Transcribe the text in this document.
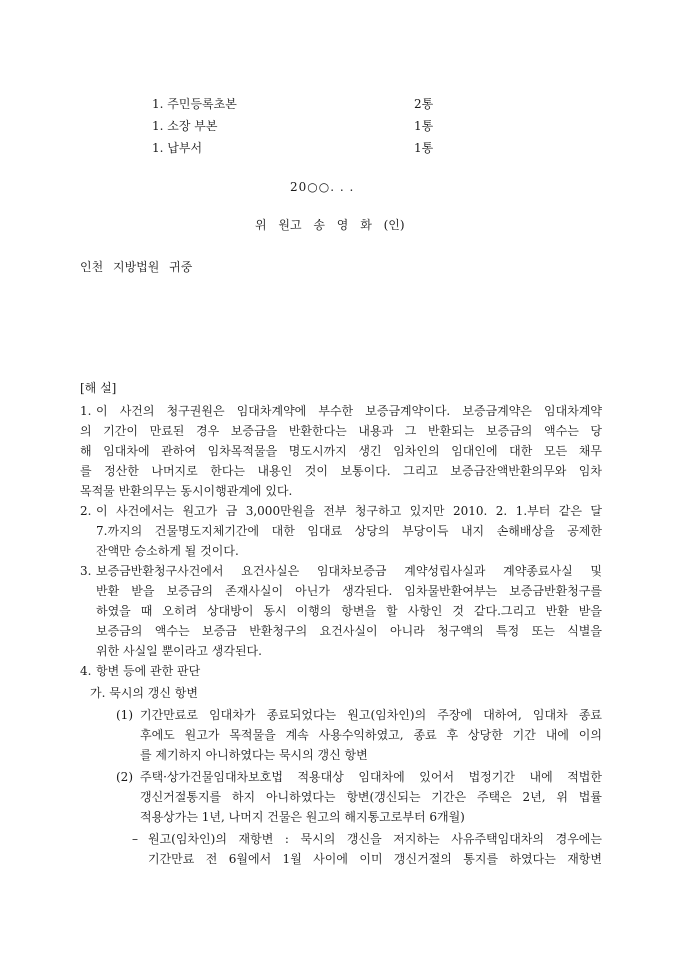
1. 주민등록초본	2통
1. 소장 부본	1통
1. 납부서	1통
20○○. . .
위 원고 송 영 화 (인)
인천 지방법원 귀중
[해 설]
1. 이 사건의 청구권원은 임대차계약에 부수한 보증금계약이다. 보증금계약은 임대차계약
의 기간이 만료된 경우 보증금을 반환한다는 내용과 그 반환되는 보증금의 액수는 당
해 임대차에 관하여 임차목적물을 명도시까지 생긴 임차인의 임대인에 대한 모든 채무
를 정산한 나머지로 한다는 내용인 것이 보통이다. 그리고 보증금잔액반환의무와 임차
목적물 반환의무는 동시이행관계에 있다.
2. 이 사건에서는 원고가 금 3,000만원을 전부 청구하고 있지만 2010. 2. 1.부터 같은 달
7.까지의 건물명도지체기간에 대한 임대료 상당의 부당이득 내지 손해배상을 공제한
잔액만 승소하게 될 것이다.
3. 보증금반환청구사건에서 요건사실은 임대차보증금 계약성립사실과 계약종료사실 및
반환 받을 보증금의 존재사실이 아닌가 생각된다. 임차물반환여부는 보증금반환청구를
하였을 때 오히려 상대방이 동시 이행의 항변을 할 사항인 것 같다.그리고 반환 받을
보증금의 액수는 보증금 반환청구의 요건사실이 아니라 청구액의 특정 또는 식별을
위한 사실일 뿐이라고 생각된다.
4. 항변 등에 관한 판단
가. 묵시의 갱신 항변
(1) 기간만료로 임대차가 종료되었다는 원고(임차인)의 주장에 대하여, 임대차 종료
후에도 원고가 목적물을 계속 사용수익하였고, 종료 후 상당한 기간 내에 이의
를 제기하지 아니하였다는 묵시의 갱신 항변
(2) 주택·상가건물임대차보호법 적용대상 임대차에 있어서 법정기간 내에 적법한
갱신거절통지를 하지 아니하였다는 항변(갱신되는 기간은 주택은 2년, 위 법률
적용상가는 1년, 나머지 건물은 원고의 해지통고로부터 6개월)
– 원고(임차인)의 재항변 : 묵시의 갱신을 저지하는 사유주택임대차의 경우에는
기간만료 전 6월에서 1월 사이에 이미 갱신거절의 통지를 하였다는 재항변
